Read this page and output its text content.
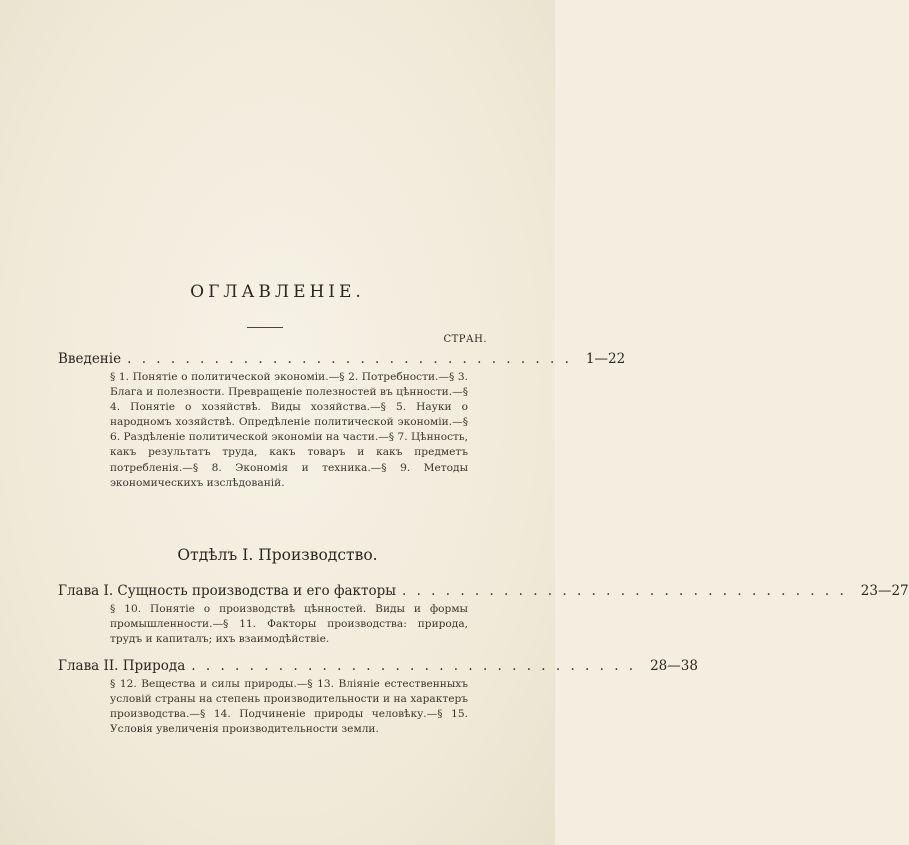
ОГЛАВЛЕНІЕ.
СТРАН.
Введеніе . . . . . . . . . . . . . . . . . . . . . . . . . . . . . . .	1—22
§ 1. Понятіе о политической экономіи.—§ 2. Потребности.—§ 3. Блага и полезности. Превращеніе полезностей въ цѣнности.—§ 4. Понятіе о хозяйствѣ. Виды хозяйства.—§ 5. Науки о народномъ хозяйствѣ. Опредѣленіе политической экономіи.—§ 6. Раздѣленіе политической экономіи на части.—§ 7. Цѣнность, какъ результатъ труда, какъ товаръ и какъ предметъ потребленія.—§ 8. Экономія и техника.—§ 9. Методы экономическихъ изслѣдованій.
Отдѣлъ I. Производство.
Глава I. Сущность производства и его факторы . . . . . . . . . . . . . . . . . . . . . . . . . . . . . . .	23—27
§ 10. Понятіе о производствѣ цѣнностей. Виды и формы промышленности.—§ 11. Факторы производства: природа, трудъ и капиталъ; ихъ взаимодѣйствіе.
Глава II. Природа . . . . . . . . . . . . . . . . . . . . . . . . . . . . . . .	28—38
§ 12. Вещества и силы природы.—§ 13. Вліяніе естественныхъ условій страны на степень производительности и на характеръ производства.—§ 14. Подчиненіе природы человѣку.—§ 15. Условія увеличенія производительности земли.
